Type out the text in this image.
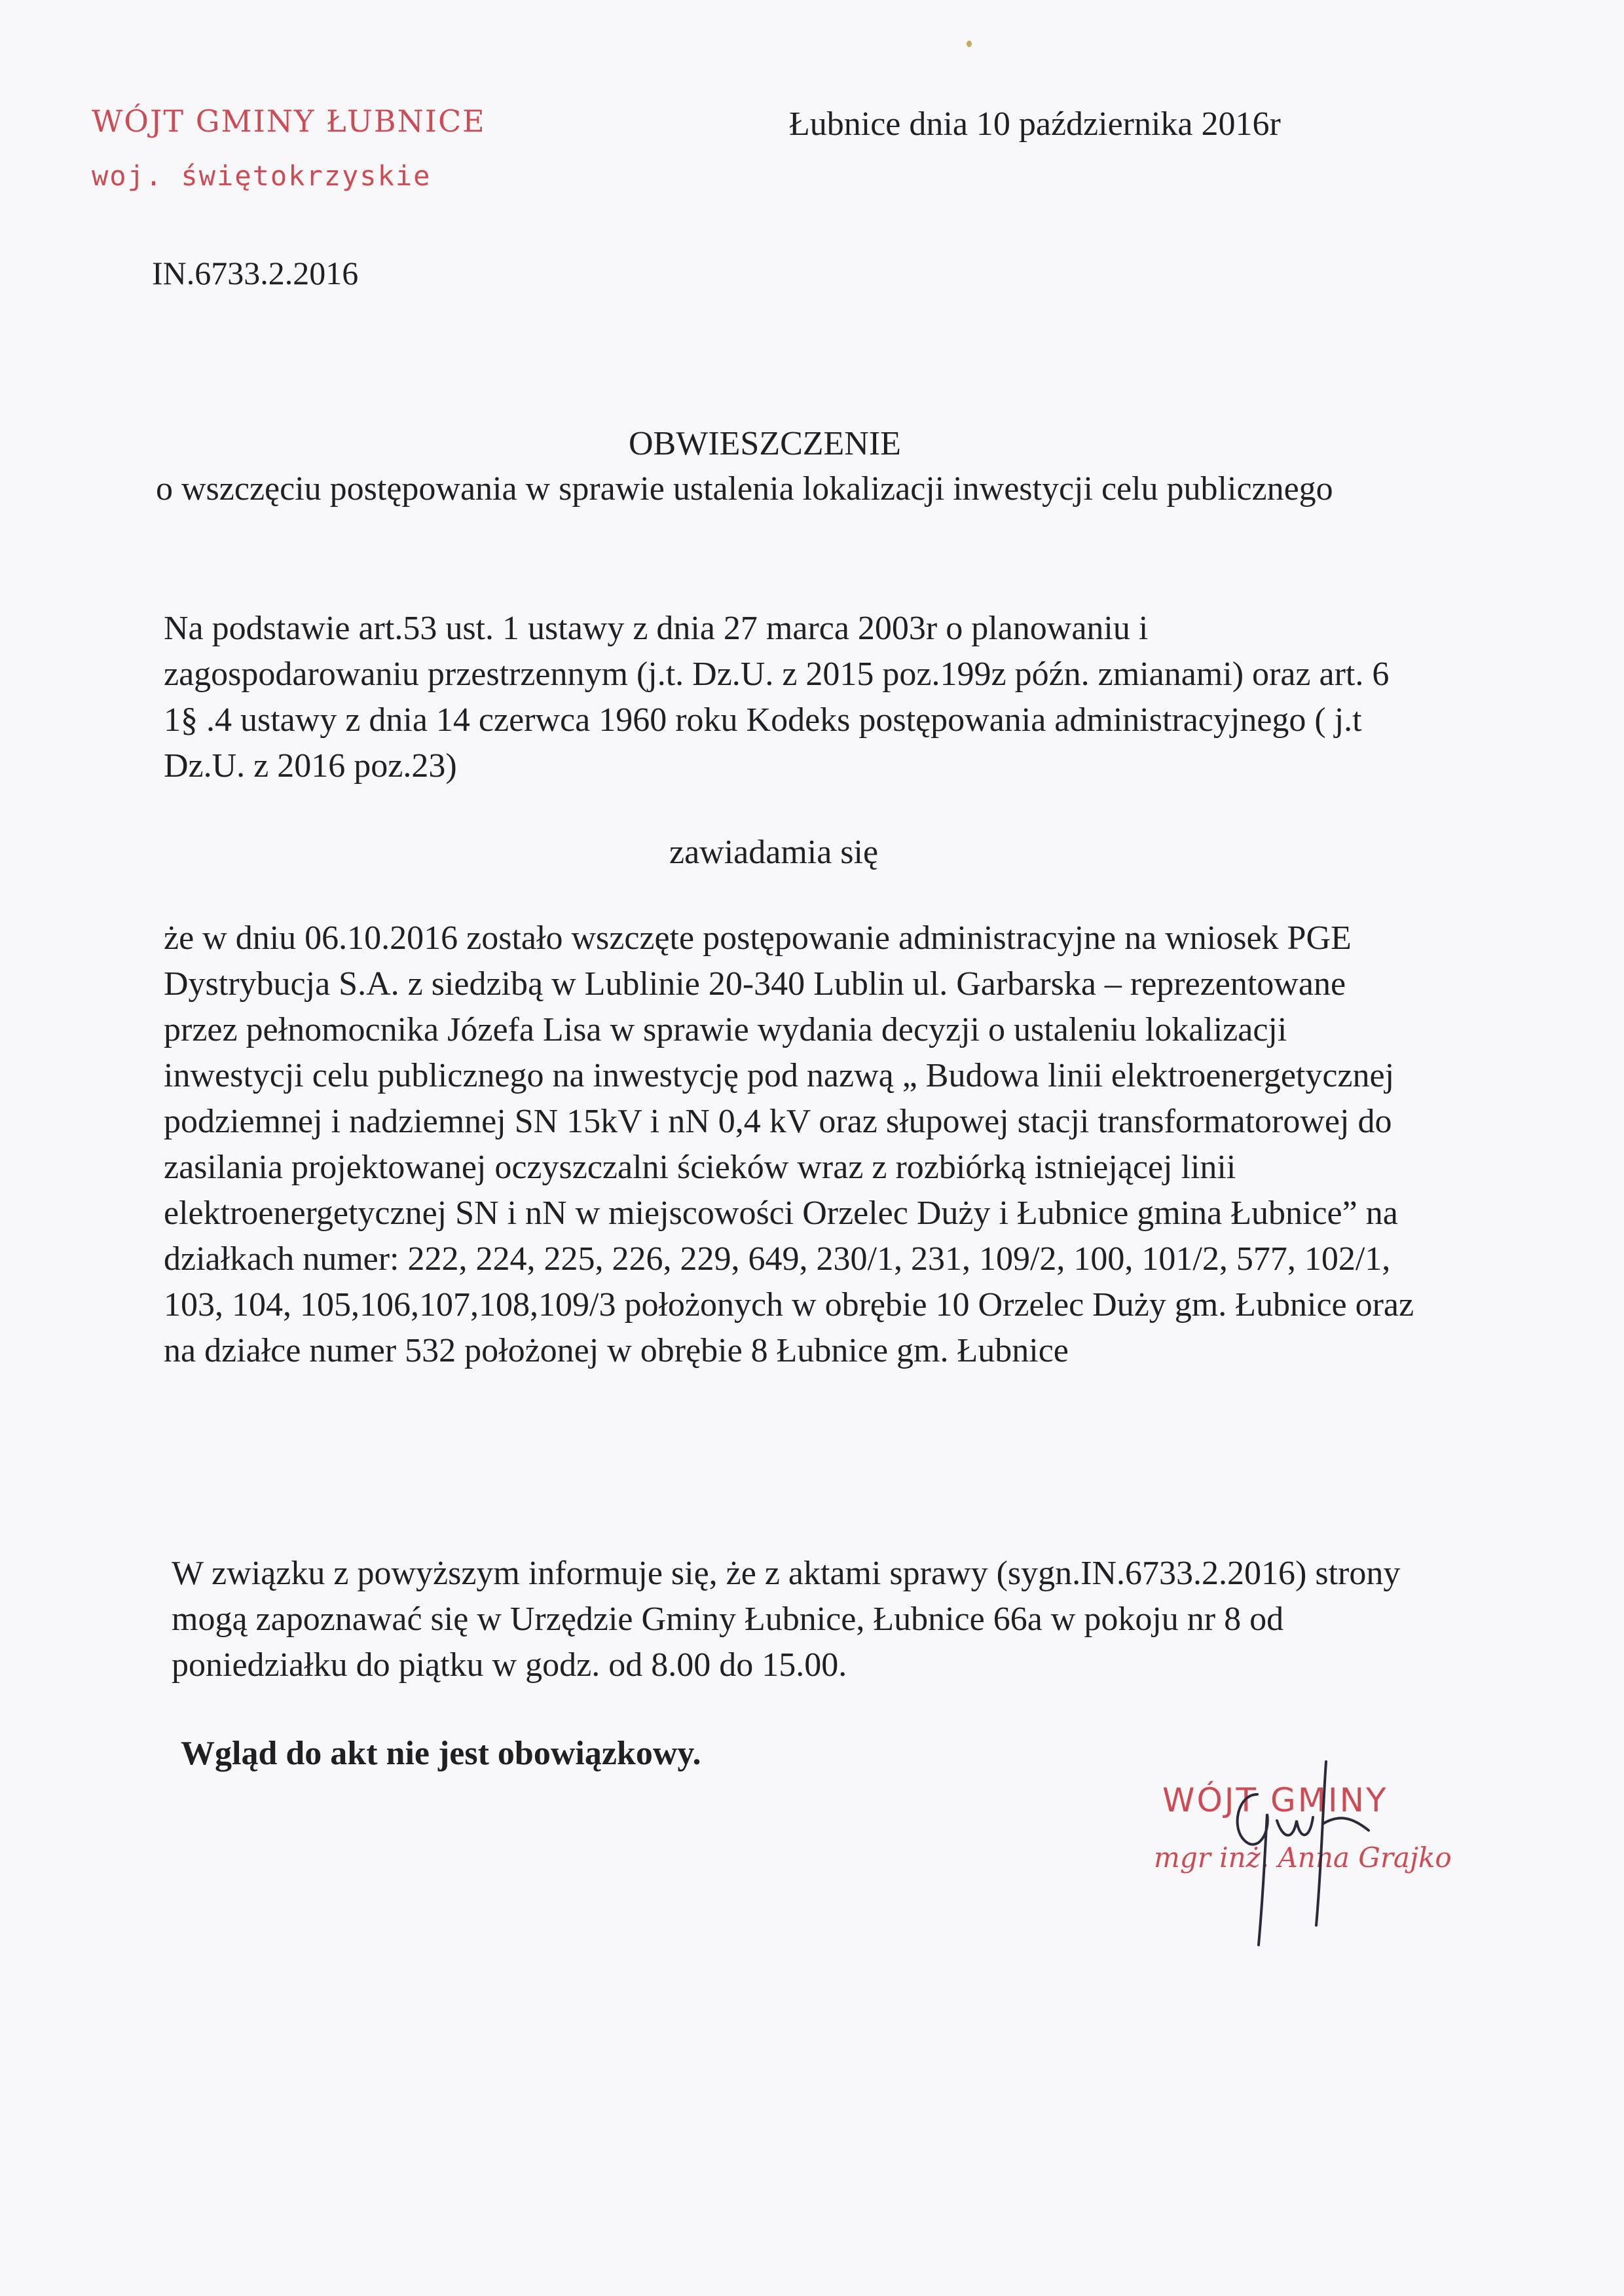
WÓJT GMINY ŁUBNICE
woj. świętokrzyskie
Łubnice dnia 10 października 2016r
IN.6733.2.2016
OBWIESZCZENIE
o wszczęciu postępowania w sprawie ustalenia lokalizacji inwestycji celu publicznego
Na podstawie art.53 ust. 1 ustawy z dnia 27 marca 2003r o planowaniu i zagospodarowaniu przestrzennym (j.t. Dz.U. z 2015 poz.199z późn. zmianami) oraz art. 6 1§ .4 ustawy z dnia 14 czerwca 1960 roku Kodeks postępowania administracyjnego ( j.t Dz.U. z 2016 poz.23)
zawiadamia się
że w dniu 06.10.2016 zostało wszczęte postępowanie administracyjne na wniosek PGE Dystrybucja S.A. z siedzibą w Lublinie 20-340 Lublin ul. Garbarska – reprezentowane przez pełnomocnika Józefa Lisa w sprawie wydania decyzji o ustaleniu lokalizacji inwestycji celu publicznego na inwestycję pod nazwą „ Budowa linii elektroenergetycznej podziemnej i nadziemnej SN 15kV i nN 0,4 kV oraz słupowej stacji transformatorowej do zasilania projektowanej oczyszczalni ścieków wraz z rozbiórką istniejącej linii elektroenergetycznej SN i nN w miejscowości Orzelec Duży i Łubnice gmina Łubnice” na działkach numer: 222, 224, 225, 226, 229, 649, 230/1, 231, 109/2, 100, 101/2, 577, 102/1, 103, 104, 105,106,107,108,109/3 położonych w obrębie 10 Orzelec Duży gm. Łubnice oraz na działce numer 532 położonej w obrębie 8 Łubnice gm. Łubnice
W związku z powyższym informuje się, że z aktami sprawy (sygn.IN.6733.2.2016) strony mogą zapoznawać się w Urzędzie Gminy Łubnice, Łubnice 66a w pokoju nr 8 od poniedziałku do piątku w godz. od 8.00 do 15.00.
Wgląd do akt nie jest obowiązkowy.
WÓJT GMINY
mgr inż. Anna Grajko
